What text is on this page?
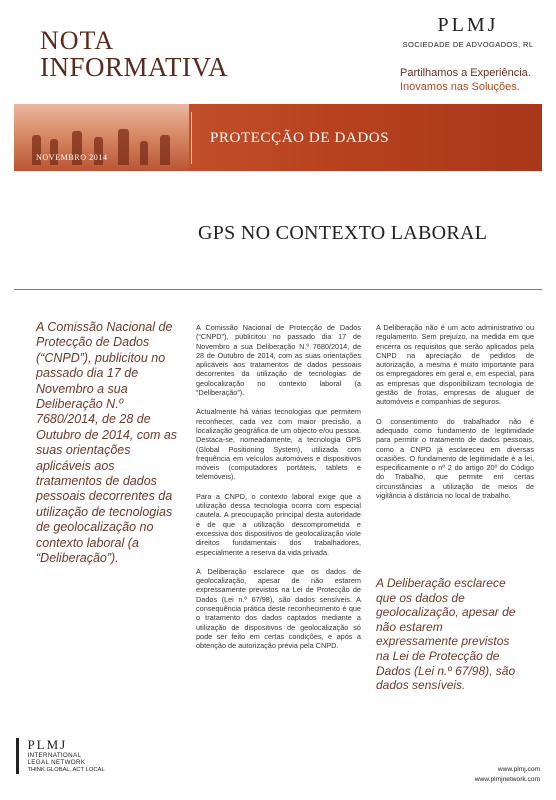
NOTA
INFORMATIVA
PLMJ
SOCIEDADE DE ADVOGADOS, RL
Partilhamos a Experiência.
Inovamos nas Soluções.
PROTECÇÃO DE DADOS
NOVEMBRO 2014
GPS NO CONTEXTO LABORAL
A Comissão Nacional de Protecção de Dados (“CNPD”), publicitou no passado dia 17 de Novembro a sua Deliberação N.º 7680/2014, de 28 de Outubro de 2014, com as suas orientações aplicáveis aos tratamentos de dados pessoais decorrentes da utilização de tecnologias de geolocalização no contexto laboral (a “Deliberação”).

A Comissão Nacional de Protecção de Dados (“CNPD”), publicitou no passado dia 17 de Novembro a sua Deliberação N.º 7680/2014, de 28 de Outubro de 2014, com as suas orientações aplicáveis aos tratamentos de dados pessoais decorrentes da utilização de tecnologias de geolocalização no contexto laboral (a “Deliberação”).

Actualmente há várias tecnologias que permitem reconhecer, cada vez com maior precisão, a localização geográfica de um objecto e/ou pessoa. Destaca-se, nomeadamente, a tecnologia GPS (Global Positioning System), utilizada com frequência em veículos automóveis e dispositivos móveis (computadores portáteis, tablets e telemóveis).

Para a CNPD, o contexto laboral exige que a utilização dessa tecnologia ocorra com especial cautela. A preocupação principal desta autoridade é de que a utilização descomprometida e excessiva dos dispositivos de geolocalização viole direitos fundamentais dos trabalhadores, especialmente a reserva da vida privada.

A Deliberação esclarece que os dados de geolocalização, apesar de não estarem expressamente previstos na Lei de Protecção de Dados (Lei n.º 67/98), são dados sensíveis. A consequência prática deste reconhecimento é que o tratamento dos dados captados mediante a utilização de dispositivos de geolocalização só pode ser feito em certas condições, e após a obtenção de autorização prévia pela CNPD.

A Deliberação não é um acto administrativo ou regulamento. Sem prejuízo, na medida em que encerra os requisitos que serão aplicados pela CNPD na apreciação de pedidos de autorização, a mesma é muito importante para os empregadores em geral e, em especial, para as empresas que disponibilizam tecnologia de gestão de frotas, empresas de aluguer de automóveis e companhias de seguros.

O consentimento do trabalhador não é adequado como fundamento de legitimidade para permitir o tratamento de dados pessoais, como a CNPD já esclareceu em diversas ocasiões. O fundamento de legitimidade é a lei, especificamente o nº 2 do artigo 20º do Código do Trabalho, que permite em certas circunstâncias a utilização de meios de vigilância à distância no local de trabalho.

A Deliberação esclarece que os dados de geolocalização, apesar de não estarem expressamente previstos na Lei de Protecção de Dados (Lei n.º 67/98), são dados sensíveis.

PLMJ
INTERNATIONAL
LEGAL NETWORK
THINK GLOBAL, ACT LOCAL	www.plmj.com
www.plmjnetwork.com
